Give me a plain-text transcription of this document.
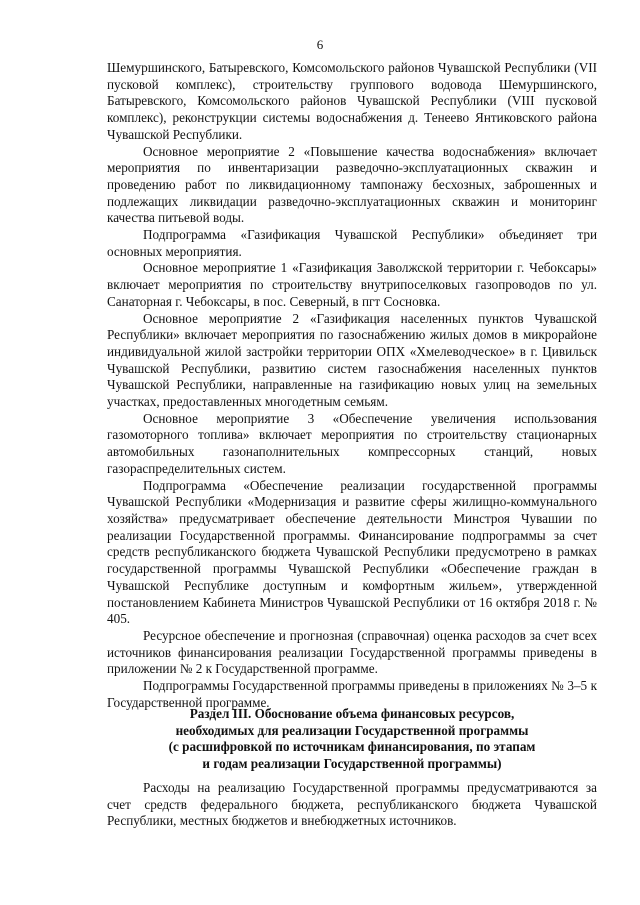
6

Шемуршинского, Батыревского, Комсомольского районов Чувашской Республики (VII пусковой комплекс), строительству группового водовода Шемуршинского, Батыревского, Комсомольского районов Чувашской Республики (VIII пусковой комплекс), реконструкции системы водоснабжения д. Тенеево Янтиковского района Чувашской Республики.

Основное мероприятие 2 «Повышение качества водоснабжения» включает мероприятия по инвентаризации разведочно-эксплуатационных скважин и проведению работ по ликвидационному тампонажу бесхозных, заброшенных и подлежащих ликвидации разведочно-эксплуатационных скважин и мониторинг качества питьевой воды.

Подпрограмма «Газификация Чувашской Республики» объединяет три основных мероприятия.

Основное мероприятие 1 «Газификация Заволжской территории г. Чебоксары» включает мероприятия по строительству внутрипоселковых газопроводов по ул. Санаторная г. Чебоксары, в пос. Северный, в пгт Сосновка.

Основное мероприятие 2 «Газификация населенных пунктов Чувашской Республики» включает мероприятия по газоснабжению жилых домов в микрорайоне индивидуальной жилой застройки территории ОПХ «Хмелеводческое» в г. Цивильск Чувашской Республики, развитию систем газоснабжения населенных пунктов Чувашской Республики, направленные на газификацию новых улиц на земельных участках, предоставленных многодетным семьям.

Основное мероприятие 3 «Обеспечение увеличения использования газомоторного топлива» включает мероприятия по строительству стационарных автомобильных газонаполнительных компрессорных станций, новых газораспределительных систем.

Подпрограмма «Обеспечение реализации государственной программы Чувашской Республики «Модернизация и развитие сферы жилищно-коммунального хозяйства» предусматривает обеспечение деятельности Минстроя Чувашии по реализации Государственной программы. Финансирование подпрограммы за счет средств республиканского бюджета Чувашской Республики предусмотрено в рамках государственной программы Чувашской Республики «Обеспечение граждан в Чувашской Республике доступным и комфортным жильем», утвержденной постановлением Кабинета Министров Чувашской Республики от 16 октября 2018 г. № 405.

Ресурсное обеспечение и прогнозная (справочная) оценка расходов за счет всех источников финансирования реализации Государственной программы приведены в приложении № 2 к Государственной программе.

Подпрограммы Государственной программы приведены в приложениях № 3–5 к Государственной программе.

Раздел III. Обоснование объема финансовых ресурсов,
необходимых для реализации Государственной программы
(с расшифровкой по источникам финансирования, по этапам
и годам реализации Государственной программы)

Расходы на реализацию Государственной программы предусматриваются за счет средств федерального бюджета, республиканского бюджета Чувашской Республики, местных бюджетов и внебюджетных источников.
